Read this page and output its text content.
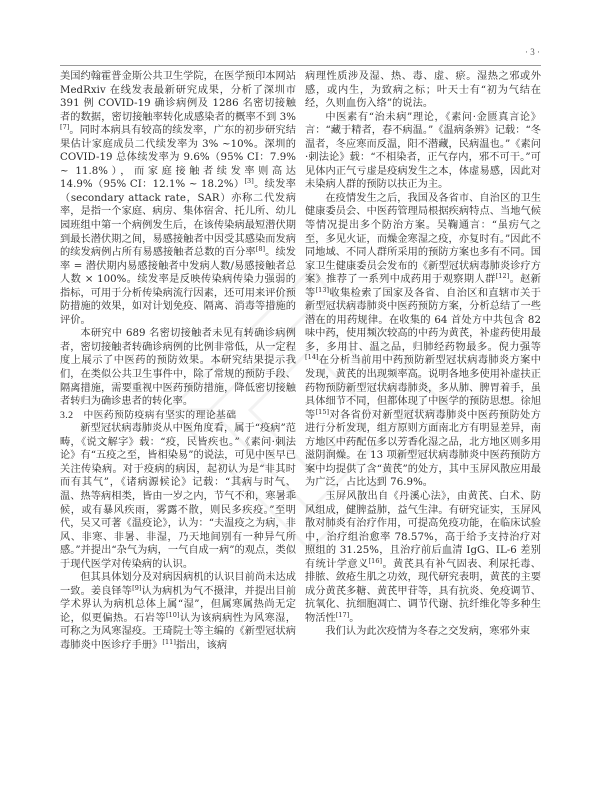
· 3 ·

美国约翰霍普金斯公共卫生学院，在医学预印本网站 MedRxiv 在线发表最新研究成果，分析了深圳市 391 例 COVID-19 确诊病例及 1286 名密切接触者的数据，密切接触率转化成感染者的概率不到 3%[7]。同时本病具有较高的续发率，广东的初步研究结果估计家庭成员二代续发率为 3% ~10%。深圳的 COVID-19 总体续发率为 9.6%（95% CI：7.9% ~ 11.8%），而家庭接触者续发率则高达 14.9%（95% CI：12.1% ~ 18.2%）[3]。续发率（secondary attack rate，SAR）亦称二代发病率，是指一个家庭、病房、集体宿舍、托儿所、幼儿园班组中第一个病例发生后，在该传染病最短潜伏期到最长潜伏期之间，易感接触者中因受其感染而发病的续发病例占所有易感接触者总数的百分率[8]。续发率 = 潜伏期内易感接触者中发病人数/易感接触者总人数 × 100%。续发率是反映传染病传染力强弱的指标，可用于分析传染病流行因素，还可用来评价预防措施的效果，如对计划免疫、隔离、消毒等措施的评价。

本研究中 689 名密切接触者未见有转确诊病例者，密切接触者转确诊病例的比例非常低，从一定程度上展示了中医药的预防效果。本研究结果提示我们，在类似公共卫生事件中，除了常规的预防手段、隔离措施，需要重视中医药预防措施，降低密切接触者转归为确诊患者的转化率。

3.2 中医药预防疫病有坚实的理论基础

新型冠状病毒肺炎从中医角度看，属于“疫病”范畴，《说文解字》载：“疫，民皆疾也。”《素问·刺法论》有“五疫之至，皆相染易”的说法，可见中医早已关注传染病。对于疫病的病因，起初认为是“非其时而有其气”，《诸病源候论》记载：“其病与时气、温、热等病相类，皆由一岁之内，节气不和，寒暑乖候，或有暴风疾雨，雾露不散，则民多疾疫。”至明代，吴又可著《温疫论》，认为：“夫温疫之为病，非风、非寒、非暑、非湿，乃天地间别有一种异气所感。”并提出“杂气为病，一气自成一病”的观点，类似于现代医学对传染病的认识。

但其具体划分及对病因病机的认识目前尚未达成一致。姜良铎等[9]认为病机为气不摄津，并提出目前学术界认为病机总体上属“湿”，但属寒属热尚无定论，似更偏热。石岩等[10]认为该病病性为风寒湿，可称之为风寒湿疫。王琦院士等主编的《新型冠状病毒肺炎中医诊疗手册》[11]指出，该病

病理性质涉及湿、热、毒、虚、瘀。湿热之邪或外感，或内生，为致病之标；叶天士有“初为气结在经，久则血伤入络”的说法。

中医素有“治未病”理论，《素问·金匮真言论》言：“藏于精者，春不病温。”《温病条辨》记载：“冬温者，冬应寒而反温，阳不潜藏，民病温也。”《素问·刺法论》载：“不相染者，正气存内，邪不可干。”可见体内正气亏虚是疫病发生之本，体虚易感，因此对未染病人群的预防以扶正为主。

在疫情发生之后，我国及各省市、自治区的卫生健康委员会、中医药管理局根据疾病特点、当地气候等情况提出多个防治方案。吴鞠通言：“虽疠气之至，多见火证，而燥金寒湿之疫，亦复时有。”因此不同地域、不同人群所采用的预防方案也多有不同。国家卫生健康委员会发布的《新型冠状病毒肺炎诊疗方案》推荐了一系列中成药用于观察期人群[12]。赵新等[13]收集检索了国家及各省、自治区和直辖市关于新型冠状病毒肺炎中医药预防方案，分析总结了一些潜在的用药规律。在收集的 64 首处方中共包含 82 味中药，使用频次较高的中药为黄芪，补虚药使用最多，多用甘、温之品，归肺经药物最多。倪力强等[14]在分析当前用中药预防新型冠状病毒肺炎方案中发现，黄芪的出现频率高。说明各地多使用补虚扶正药物预防新型冠状病毒肺炎，多从肺、脾胃着手，虽具体细节不同，但都体现了中医学的预防思想。徐旭等[15]对各省份对新型冠状病毒肺炎中医药预防处方进行分析发现，组方原则方面南北方有明显差异，南方地区中药配伍多以芳香化湿之品，北方地区则多用滋阴润燥。在 13 项新型冠状病毒肺炎中医药预防方案中均提供了含“黄芪”的处方，其中玉屏风散应用最为广泛，占比达到 76.9%。

玉屏风散出自《丹溪心法》，由黄芪、白术、防风组成，健脾益肺，益气生津。有研究证实，玉屏风散对肺炎有治疗作用，可提高免疫功能，在临床试验中，治疗组治愈率 78.57%，高于给予支持治疗对照组的 31.25%，且治疗前后血清 IgG、IL-6 差别有统计学意义[16]。黄芪具有补气固表、利尿托毒、排脓、敛疮生肌之功效，现代研究表明，黄芪的主要成分黄芪多糖、黄芪甲苷等，具有抗炎、免疫调节、抗氧化、抗细胞凋亡、调节代谢、抗纤维化等多种生物活性[17]。

我们认为此次疫情为冬春之交发病，寒邪外束
